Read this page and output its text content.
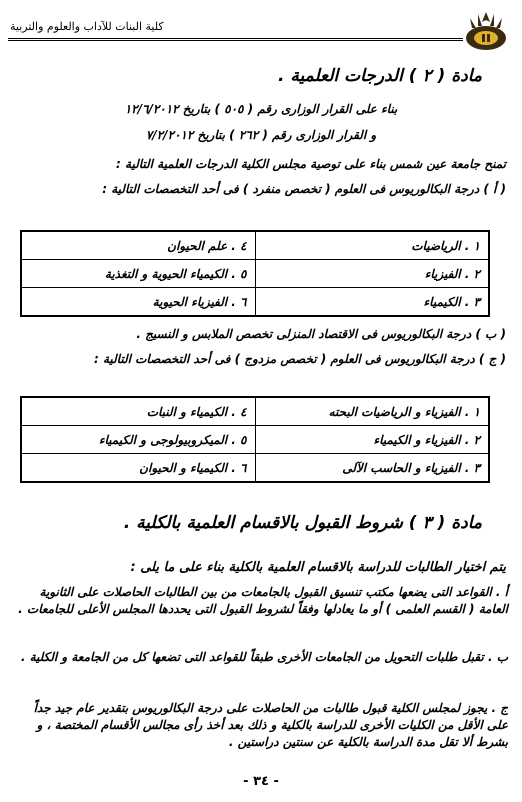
كلية البنات للآداب والعلوم والتربية
مادة ( ٢ ) الدرجات العلمية .
بناء على القرار الوزارى رقم ( ٥٠٥ ) بتاريخ ١٢/٦/٢٠١٢
و القرار الوزارى رقم ( ٢٦٢ ) بتاريخ ٧/٢/٢٠١٢
تمنح جامعة عين شمس بناء على توصية مجلس الكلية الدرجات العلمية التالية :
( أ ) درجة البكالوريوس فى العلوم ( تخصص منفرد ) فى أحد التخصصات التالية :
١ . الرياضيات	٤ . علم الحيوان
٢ . الفيزياء	٥ . الكيمياء الحيوية و التغذية
٣ . الكيمياء	٦ . الفيزياء الحيوية
( ب ) درجة البكالوريوس فى الاقتصاد المنزلى تخصص الملابس و النسيج .
( ج ) درجة البكالوريوس فى العلوم ( تخصص مزدوج ) فى أحد التخصصات التالية :
١ . الفيزياء و الرياضيات البحته	٤ . الكيمياء و النبات
٢ . الفيزياء و الكيمياء	٥ . الميكروبيولوجى و الكيمياء
٣ . الفيزياء و الحاسب الآلى	٦ . الكيمياء و الحيوان
مادة ( ٣ ) شروط القبول بالاقسام العلمية بالكلية .
يتم اختيار الطالبات للدراسة بالاقسام العلمية بالكلية بناء على ما يلى :
أ . القواعد التى يضعها مكتب تنسيق القبول بالجامعات من بين الطالبات الحاصلات على الثانوية العامة ( القسم العلمى ) أو ما يعادلها وفقاً لشروط القبول التى يحددها المجلس الأعلى للجامعات .
ب . تقبل طلبات التحويل من الجامعات الأخرى طبقاً للقواعد التى تضعها كل من الجامعة و الكلية .
ج . يجوز لمجلس الكلية قبول طالبات من الحاصلات على درجة البكالوريوس بتقدير عام جيد جداً على الأقل من الكليات الأخرى للدراسة بالكلية و ذلك بعد أخذ رأى مجالس الأقسام المختصة ، و بشرط ألا تقل مدة الدراسة بالكلية عن سنتين دراستين .
- ٣٤ -
